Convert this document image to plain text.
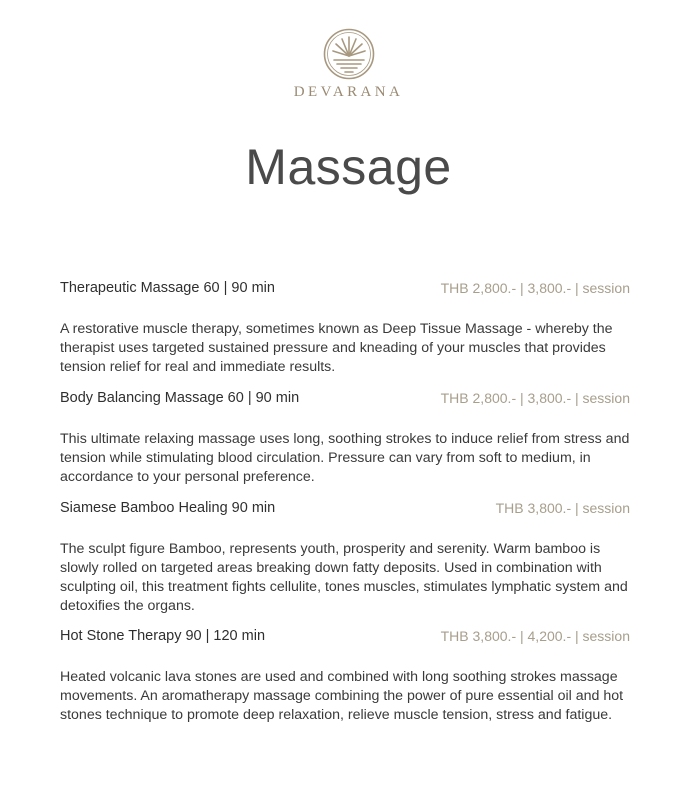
DEVARANA
Massage
Therapeutic Massage 60 | 90 min	THB 2,800.- | 3,800.- | session

A restorative muscle therapy, sometimes known as Deep Tissue Massage - whereby the therapist uses targeted sustained pressure and kneading of your muscles that provides tension relief for real and immediate results.

Body Balancing Massage 60 | 90 min	THB 2,800.- | 3,800.- | session

This ultimate relaxing massage uses long, soothing strokes to induce relief from stress and tension while stimulating blood circulation. Pressure can vary from soft to medium, in accordance to your personal preference.

Siamese Bamboo Healing 90 min	THB 3,800.- | session

The sculpt figure Bamboo, represents youth, prosperity and serenity. Warm bamboo is slowly rolled on targeted areas breaking down fatty deposits. Used in combination with sculpting oil, this treatment fights cellulite, tones muscles, stimulates lymphatic system and detoxifies the organs.

Hot Stone Therapy 90 | 120 min	THB 3,800.- | 4,200.- | session

Heated volcanic lava stones are used and combined with long soothing strokes massage movements. An aromatherapy massage combining the power of pure essential oil and hot stones technique to promote deep relaxation, relieve muscle tension, stress and fatigue.
